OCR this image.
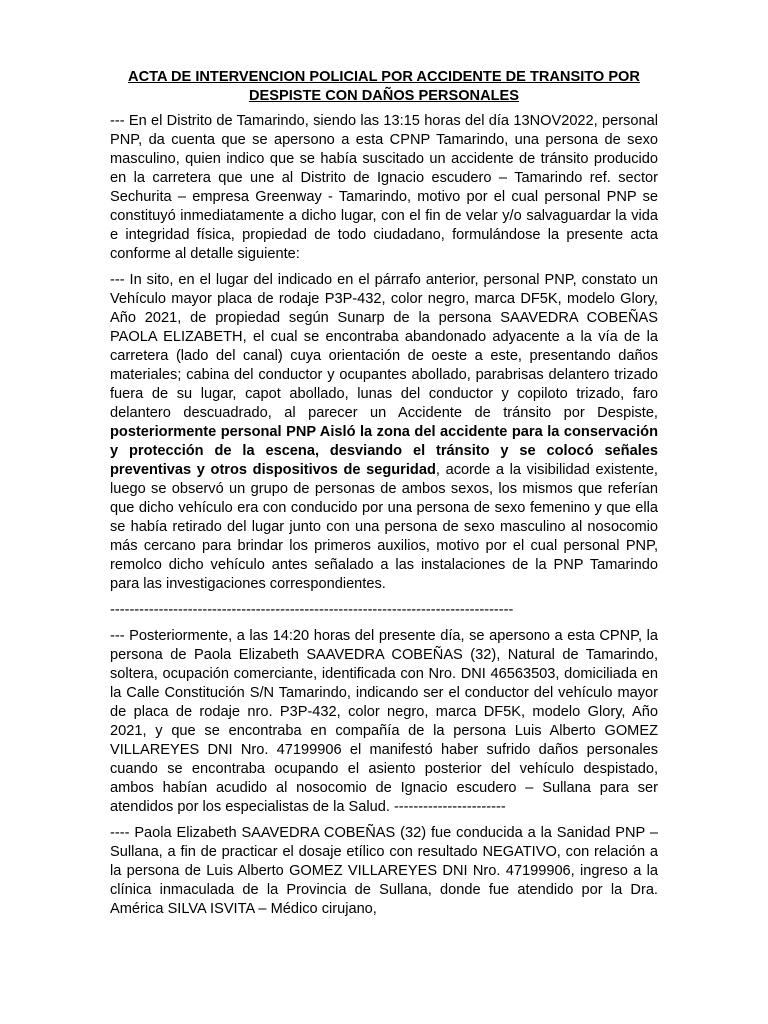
ACTA DE INTERVENCION POLICIAL POR ACCIDENTE DE TRANSITO POR
DESPISTE CON DAÑOS PERSONALES

--- En el Distrito de Tamarindo, siendo las 13:15 horas del día 13NOV2022, personal PNP, da cuenta que se apersono a esta CPNP Tamarindo, una persona de sexo masculino, quien indico que se había suscitado un accidente de tránsito producido en la carretera que une al Distrito de Ignacio escudero – Tamarindo ref. sector Sechurita – empresa Greenway - Tamarindo, motivo por el cual personal PNP se constituyó inmediatamente a dicho lugar, con el fin de velar y/o salvaguardar la vida e integridad física, propiedad de todo ciudadano, formulándose la presente acta conforme al detalle siguiente:

--- In sito, en el lugar del indicado en el párrafo anterior, personal PNP, constato un Vehículo mayor placa de rodaje P3P-432, color negro, marca DF5K, modelo Glory, Año 2021, de propiedad según Sunarp de la persona SAAVEDRA COBEÑAS PAOLA ELIZABETH, el cual se encontraba abandonado adyacente a la vía de la carretera (lado del canal) cuya orientación de oeste a este, presentando daños materiales; cabina del conductor y ocupantes abollado, parabrisas delantero trizado fuera de su lugar, capot abollado, lunas del conductor y copiloto trizado, faro delantero descuadrado, al parecer un Accidente de tránsito por Despiste, posteriormente personal PNP Aisló la zona del accidente para la conservación y protección de la escena, desviando el tránsito y se colocó señales preventivas y otros dispositivos de seguridad, acorde a la visibilidad existente, luego se observó un grupo de personas de ambos sexos, los mismos que referían que dicho vehículo era con conducido por una persona de sexo femenino y que ella se había retirado del lugar junto con una persona de sexo masculino al nosocomio más cercano para brindar los primeros auxilios, motivo por el cual personal PNP, remolco dicho vehículo antes señalado a las instalaciones de la PNP Tamarindo para las investigaciones correspondientes.

-----------------------------------------------------------------------------------

--- Posteriormente, a las 14:20 horas del presente día, se apersono a esta CPNP, la persona de Paola Elizabeth SAAVEDRA COBEÑAS (32), Natural de Tamarindo, soltera, ocupación comerciante, identificada con Nro. DNI 46563503, domiciliada en la Calle Constitución S/N Tamarindo, indicando ser el conductor del vehículo mayor de placa de rodaje nro. P3P-432, color negro, marca DF5K, modelo Glory, Año 2021, y que se encontraba en compañía de la persona Luis Alberto GOMEZ VILLAREYES DNI Nro. 47199906 el manifestó haber sufrido daños personales cuando se encontraba ocupando el asiento posterior del vehículo despistado, ambos habían acudido al nosocomio de Ignacio escudero – Sullana para ser atendidos por los especialistas de la Salud. -----------------------

---- Paola Elizabeth SAAVEDRA COBEÑAS (32) fue conducida a la Sanidad PNP – Sullana, a fin de practicar el dosaje etílico con resultado NEGATIVO, con relación a la persona de Luis Alberto GOMEZ VILLAREYES DNI Nro. 47199906, ingreso a la clínica inmaculada de la Provincia de Sullana, donde fue atendido por la Dra. América SILVA ISVITA – Médico cirujano,
